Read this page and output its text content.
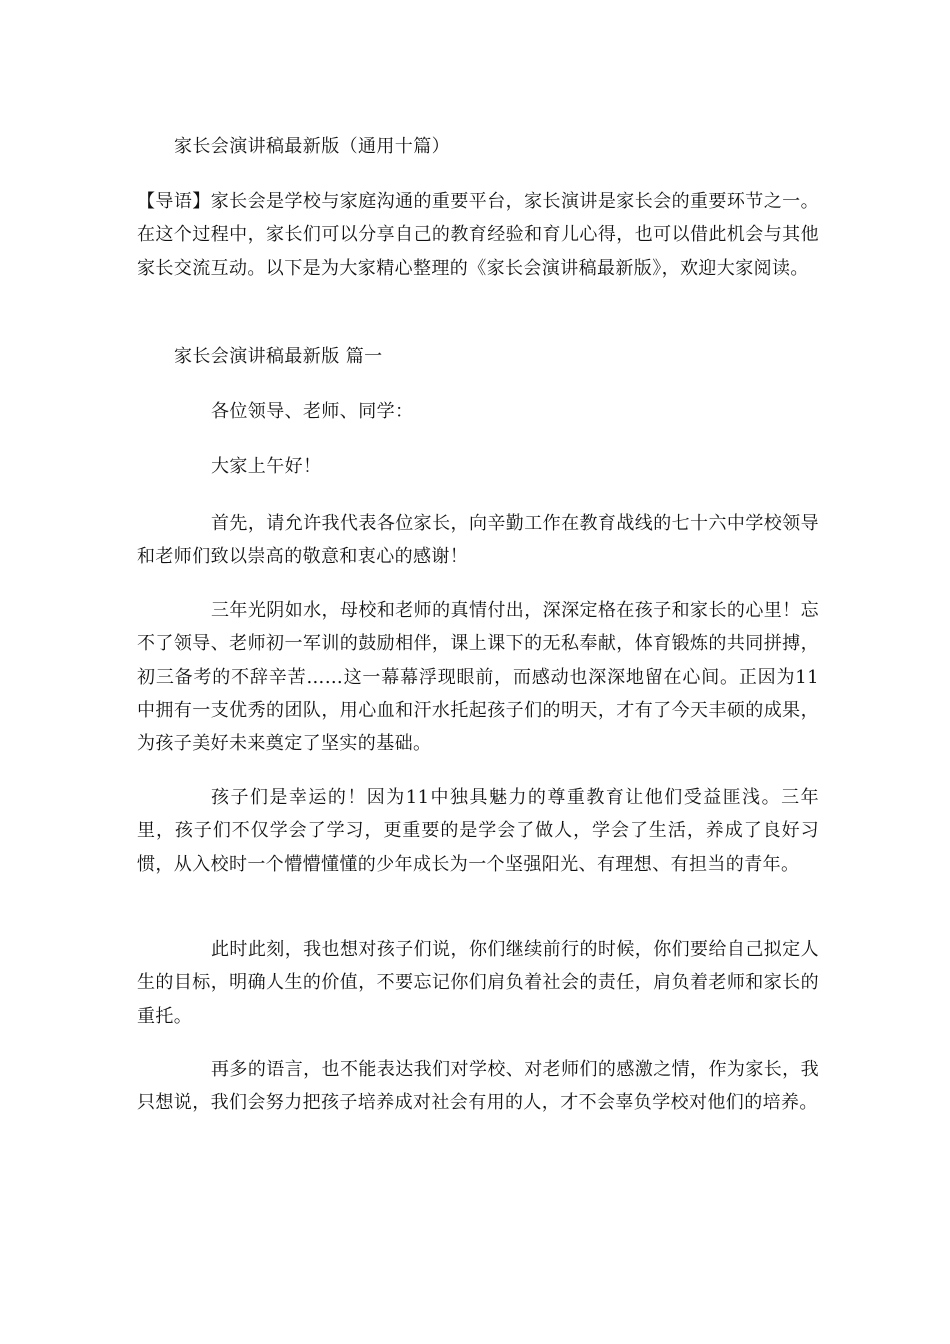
家长会演讲稿最新版（通用十篇）

【导语】家长会是学校与家庭沟通的重要平台，家长演讲是家长会的重要环节之一。在这个过程中，家长们可以分享自己的教育经验和育儿心得，也可以借此机会与其他家长交流互动。以下是为大家精心整理的《家长会演讲稿最新版》，欢迎大家阅读。

家长会演讲稿最新版 篇一
各位领导、老师、同学：
大家上午好！

首先，请允许我代表各位家长，向辛勤工作在教育战线的七十六中学校领导和老师们致以崇高的敬意和衷心的感谢！

三年光阴如水，母校和老师的真情付出，深深定格在孩子和家长的心里！忘不了领导、老师初一军训的鼓励相伴，课上课下的无私奉献，体育锻炼的共同拼搏，初三备考的不辞辛苦……这一幕幕浮现眼前，而感动也深深地留在心间。正因为11中拥有一支优秀的团队，用心血和汗水托起孩子们的明天，才有了今天丰硕的成果，为孩子美好未来奠定了坚实的基础。

孩子们是幸运的！因为11中独具魅力的尊重教育让他们受益匪浅。三年里，孩子们不仅学会了学习，更重要的是学会了做人，学会了生活，养成了良好习惯，从入校时一个懵懵懂懂的少年成长为一个坚强阳光、有理想、有担当的青年。

此时此刻，我也想对孩子们说，你们继续前行的时候，你们要给自己拟定人生的目标，明确人生的价值，不要忘记你们肩负着社会的责任，肩负着老师和家长的重托。

再多的语言，也不能表达我们对学校、对老师们的感激之情，作为家长，我只想说，我们会努力把孩子培养成对社会有用的人，才不会辜负学校对他们的培养。
